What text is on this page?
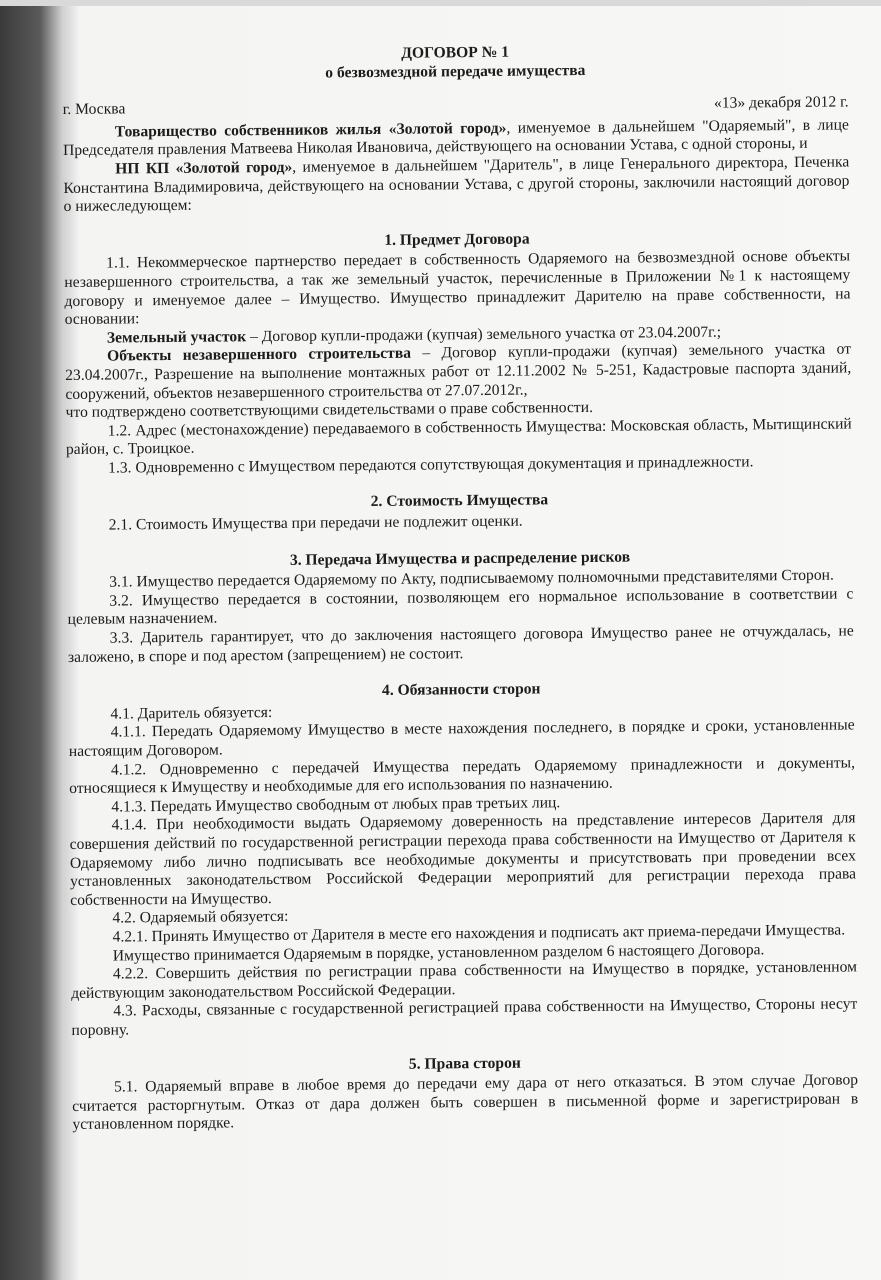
ДОГОВОР № 1
о безвозмездной передаче имущества
г. Москва	«13» декабря 2012 г.

Товарищество собственников жилья «Золотой город», именуемое в дальнейшем "Одаряемый", в лице Председателя правления Матвеева Николая Ивановича, действующего на основании Устава, с одной стороны, и

НП КП «Золотой город», именуемое в дальнейшем "Даритель", в лице Генерального директора, Печенка Константина Владимировича, действующего на основании Устава, с другой стороны, заключили настоящий договор о нижеследующем:

1. Предмет Договора

1.1. Некоммерческое партнерство передает в собственность Одаряемого на безвозмездной основе объекты незавершенного строительства, а так же земельный участок, перечисленные в Приложении №1 к настоящему договору и именуемое далее – Имущество. Имущество принадлежит Дарителю на праве собственности, на основании:

Земельный участок – Договор купли-продажи (купчая) земельного участка от 23.04.2007г.;

Объекты незавершенного строительства – Договор купли-продажи (купчая) земельного участка от 23.04.2007г., Разрешение на выполнение монтажных работ от 12.11.2002 № 5-251, Кадастровые паспорта зданий, сооружений, объектов незавершенного строительства от 27.07.2012г.,

что подтверждено соответствующими свидетельствами о праве собственности.

1.2. Адрес (местонахождение) передаваемого в собственность Имущества: Московская область, Мытищинский район, с. Троицкое.

1.3. Одновременно с Имуществом передаются сопутствующая документация и принадлежности.

2. Стоимость Имущества

2.1. Стоимость Имущества при передачи не подлежит оценки.

3. Передача Имущества и распределение рисков

3.1. Имущество передается Одаряемому по Акту, подписываемому полномочными представителями Сторон.

3.2. Имущество передается в состоянии, позволяющем его нормальное использование в соответствии с целевым назначением.

3.3. Даритель гарантирует, что до заключения настоящего договора Имущество ранее не отчуждалась, не заложено, в споре и под арестом (запрещением) не состоит.

4. Обязанности сторон

4.1. Даритель обязуется:

4.1.1. Передать Одаряемому Имущество в месте нахождения последнего, в порядке и сроки, установленные настоящим Договором.

4.1.2. Одновременно с передачей Имущества передать Одаряемому принадлежности и документы, относящиеся к Имуществу и необходимые для его использования по назначению.

4.1.3. Передать Имущество свободным от любых прав третьих лиц.

4.1.4. При необходимости выдать Одаряемому доверенность на представление интересов Дарителя для совершения действий по государственной регистрации перехода права собственности на Имущество от Дарителя к Одаряемому либо лично подписывать все необходимые документы и присутствовать при проведении всех установленных законодательством Российской Федерации мероприятий для регистрации перехода права собственности на Имущество.

4.2. Одаряемый обязуется:

4.2.1. Принять Имущество от Дарителя в месте его нахождения и подписать акт приема-передачи Имущества.

Имущество принимается Одаряемым в порядке, установленном разделом 6 настоящего Договора.

4.2.2. Совершить действия по регистрации права собственности на Имущество в порядке, установленном действующим законодательством Российской Федерации.

4.3. Расходы, связанные с государственной регистрацией права собственности на Имущество, Стороны несут поровну.

5. Права сторон

5.1. Одаряемый вправе в любое время до передачи ему дара от него отказаться. В этом случае Договор считается расторгнутым. Отказ от дара должен быть совершен в письменной форме и зарегистрирован в установленном порядке.
